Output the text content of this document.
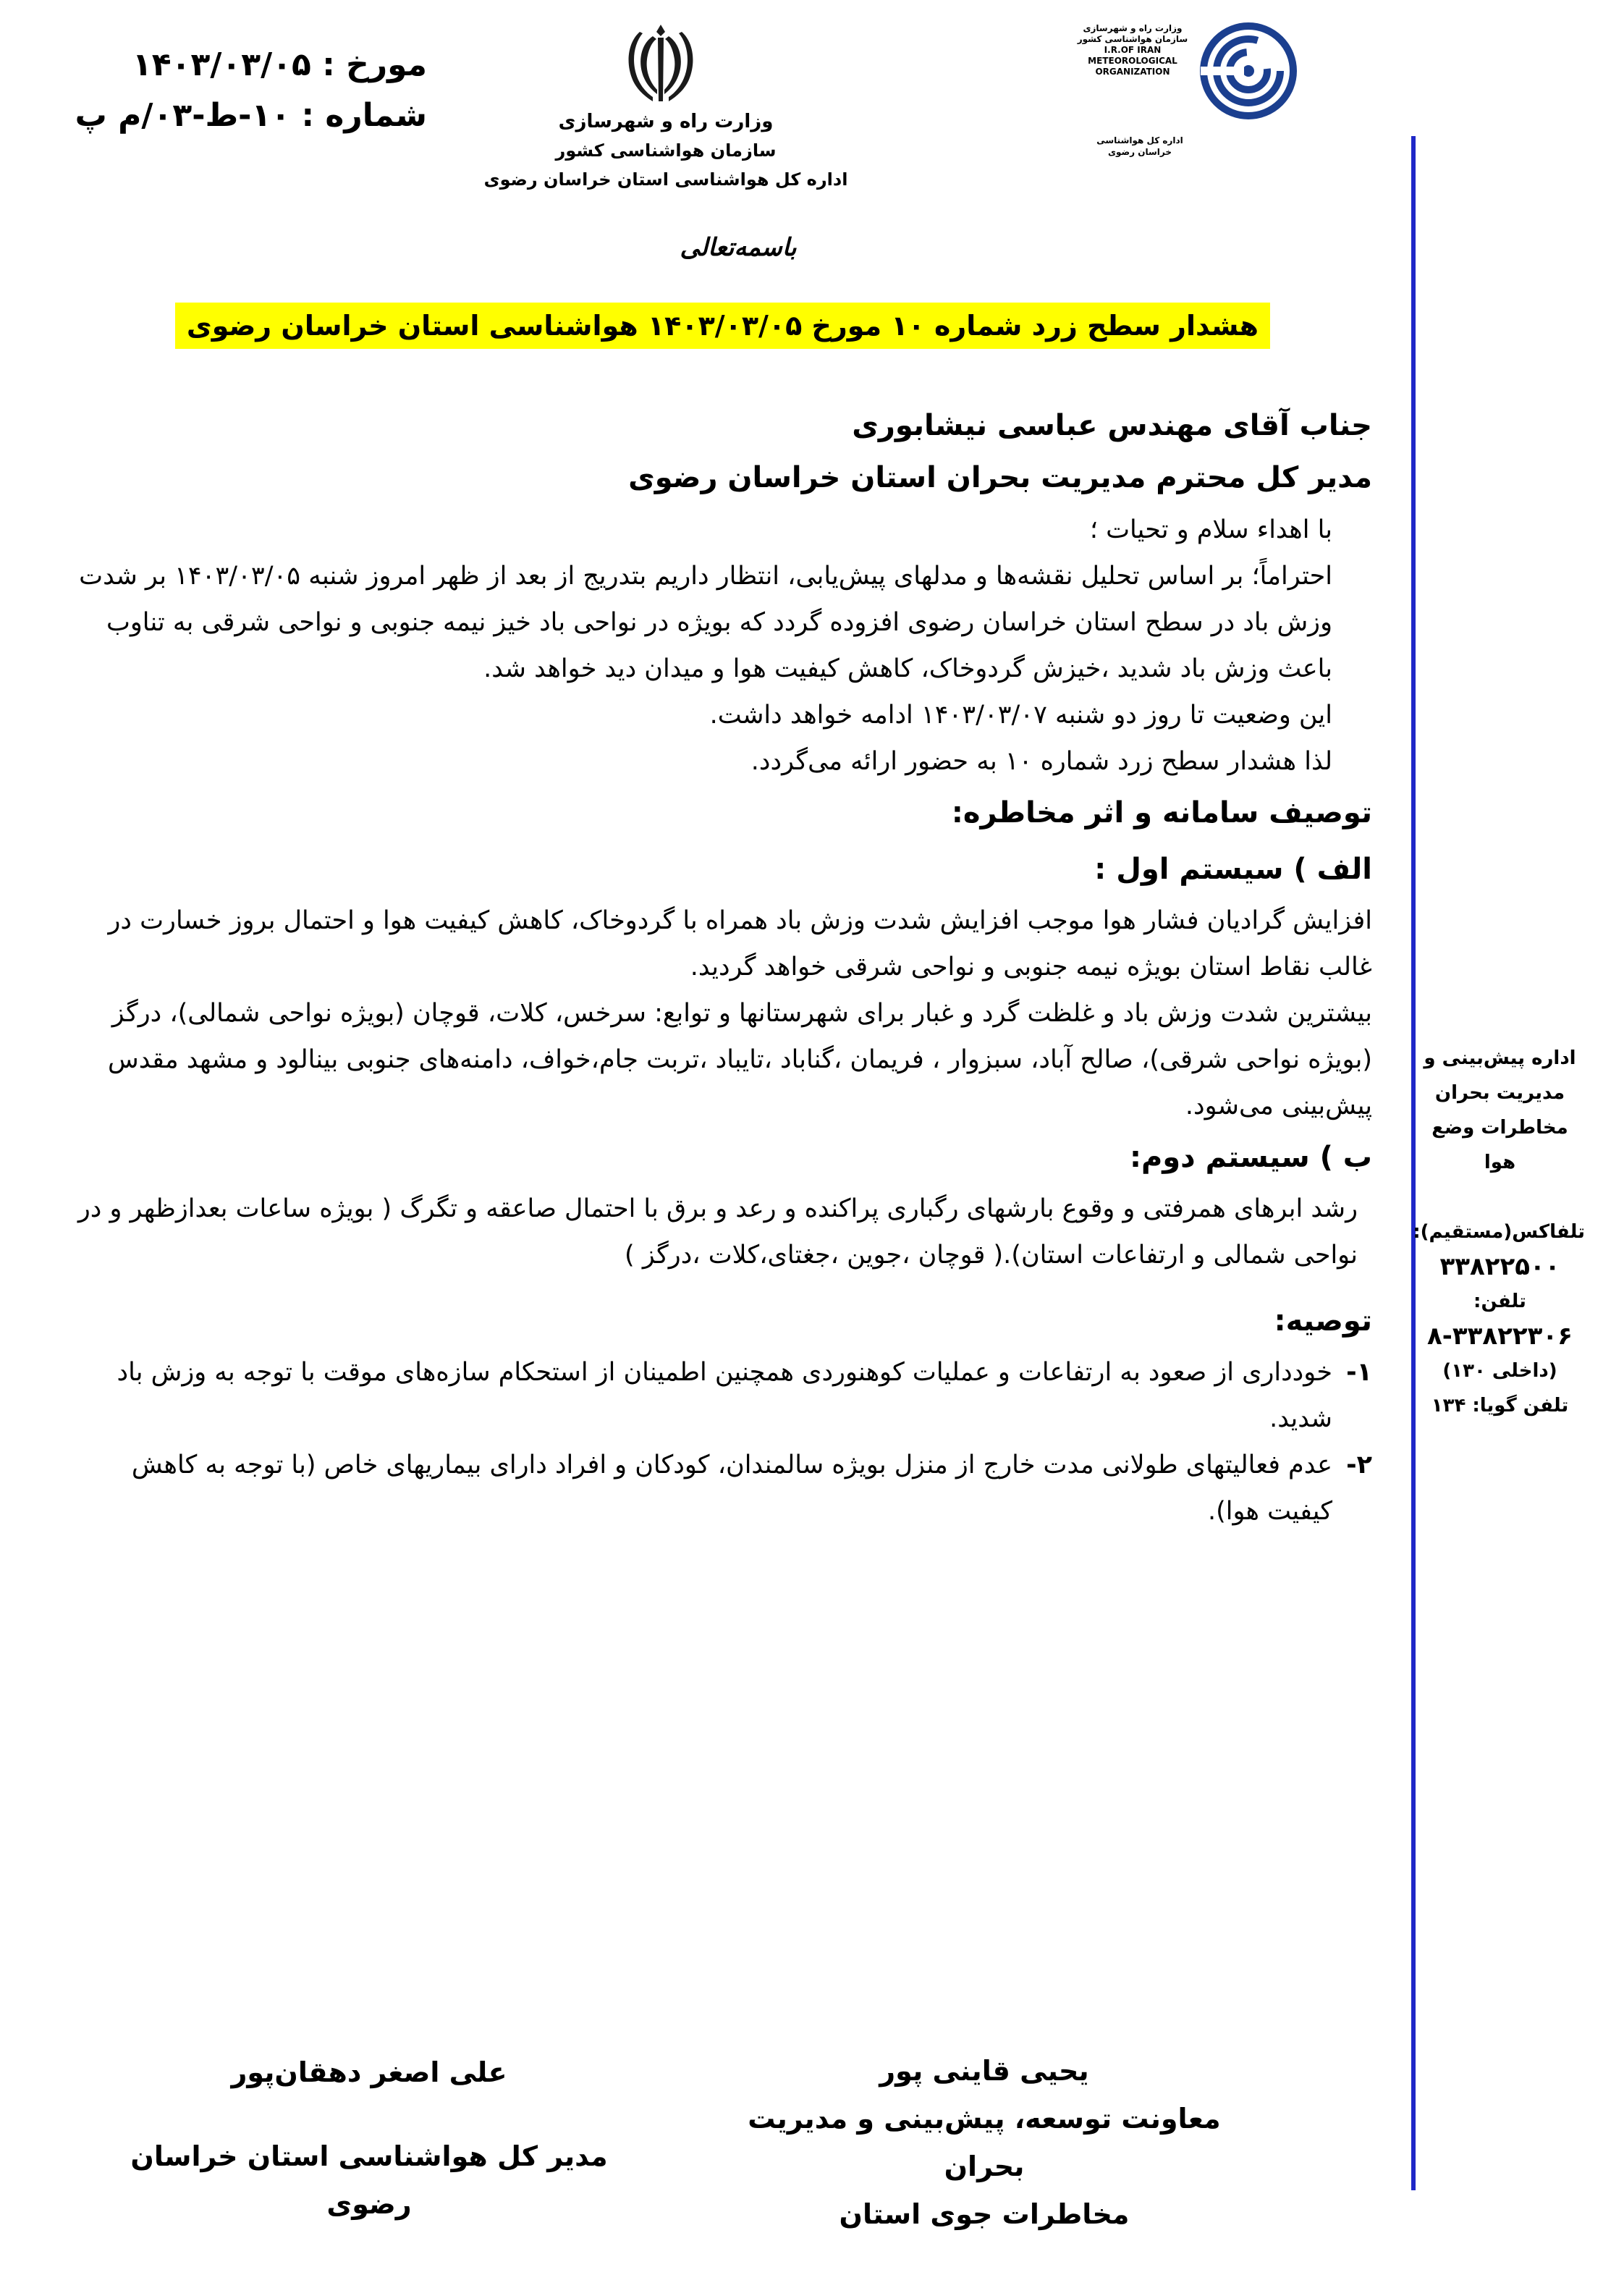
مورخ : ۱۴۰۳/۰۳/۰۵
شماره : ۱۰-ط-۰۳/م پ	وزارت راه و شهرسازی
سازمان هواشناسی کشور
اداره کل هواشناسی استان خراسان رضوی
وزارت راه و شهرسازی
سازمان هواشناسی کشور
I.R.OF IRAN
METEOROLOGICAL
ORGANIZATION
اداره کل هواشناسی
خراسان رضوی
باسمه‌تعالی
هشدار سطح زرد شماره ۱۰ مورخ ۱۴۰۳/۰۳/۰۵ هواشناسی استان خراسان رضوی

جناب آقای مهندس عباسی نیشابوری

مدیر کل محترم مدیریت بحران استان خراسان رضوی

با اهداء سلام و تحیات ؛

احتراماً؛ بر اساس تحلیل نقشه‌ها و مدلهای پیش‌یابی، انتظار داریم بتدریج از بعد از ظهر امروز شنبه ۱۴۰۳/۰۳/۰۵ بر شدت وزش باد در سطح استان خراسان رضوی افزوده گردد که بویژه در نواحی باد خیز نیمه جنوبی و نواحی شرقی به تناوب باعث وزش باد شدید ،خیزش گردوخاک، کاهش کیفیت هوا و میدان دید خواهد شد.

این وضعیت تا روز دو شنبه ۱۴۰۳/۰۳/۰۷ ادامه خواهد داشت.

لذا هشدار سطح زرد شماره ۱۰ به حضور ارائه می‌گردد.

توصیف سامانه و اثر مخاطره:

الف ) سیستم اول :

افزایش گرادیان فشار هوا موجب افزایش شدت وزش باد همراه با گردوخاک، کاهش کیفیت هوا و احتمال بروز خسارت در غالب نقاط استان بویژه نیمه جنوبی و نواحی شرقی خواهد گردید.

بیشترین شدت وزش باد و غلظت گرد و غبار برای شهرستانها و توابع: سرخس، کلات، قوچان (بویژه نواحی شمالی)، درگز (بویژه نواحی شرقی)، صالح آباد، سبزوار ، فریمان ،گناباد ،تایباد ،تربت جام،خواف، دامنه‌های جنوبی بینالود و مشهد مقدس پیش‌بینی می‌شود.

ب ) سیستم دوم:

رشد ابرهای همرفتی و وقوع بارشهای رگباری پراکنده و رعد و برق با احتمال صاعقه و تگرگ ( بویژه ساعات بعدازظهر و در نواحی شمالی و ارتفاعات استان).( قوچان ،جوین ،جغتای،کلات ،درگز )

توصیه:

۱-
خودداری از صعود به ارتفاعات و عملیات کوهنوردی همچنین اطمینان از استحکام سازه‌های موقت با توجه به وزش باد شدید.
۲-
عدم فعالیتهای طولانی مدت خارج از منزل بویژه سالمندان، کودکان و افراد دارای بیماریهای خاص (با توجه به کاهش کیفیت هوا).
اداره پیش‌بینی و
مدیریت بحران
مخاطرات وضع
هوا
تلفاکس(مستقیم):
۳۳۸۲۲۵۰۰
تلفن:
۸-۳۳۸۲۲۳۰۶
(داخلی ۱۳۰)
تلفن گویا: ۱۳۴
یحیی قاینی پور
معاونت توسعه، پیش‌بینی و مدیریت بحران
مخاطرات جوی استان
علی اصغر دهقان‌پور
مدیر کل هواشناسی استان خراسان رضوی
